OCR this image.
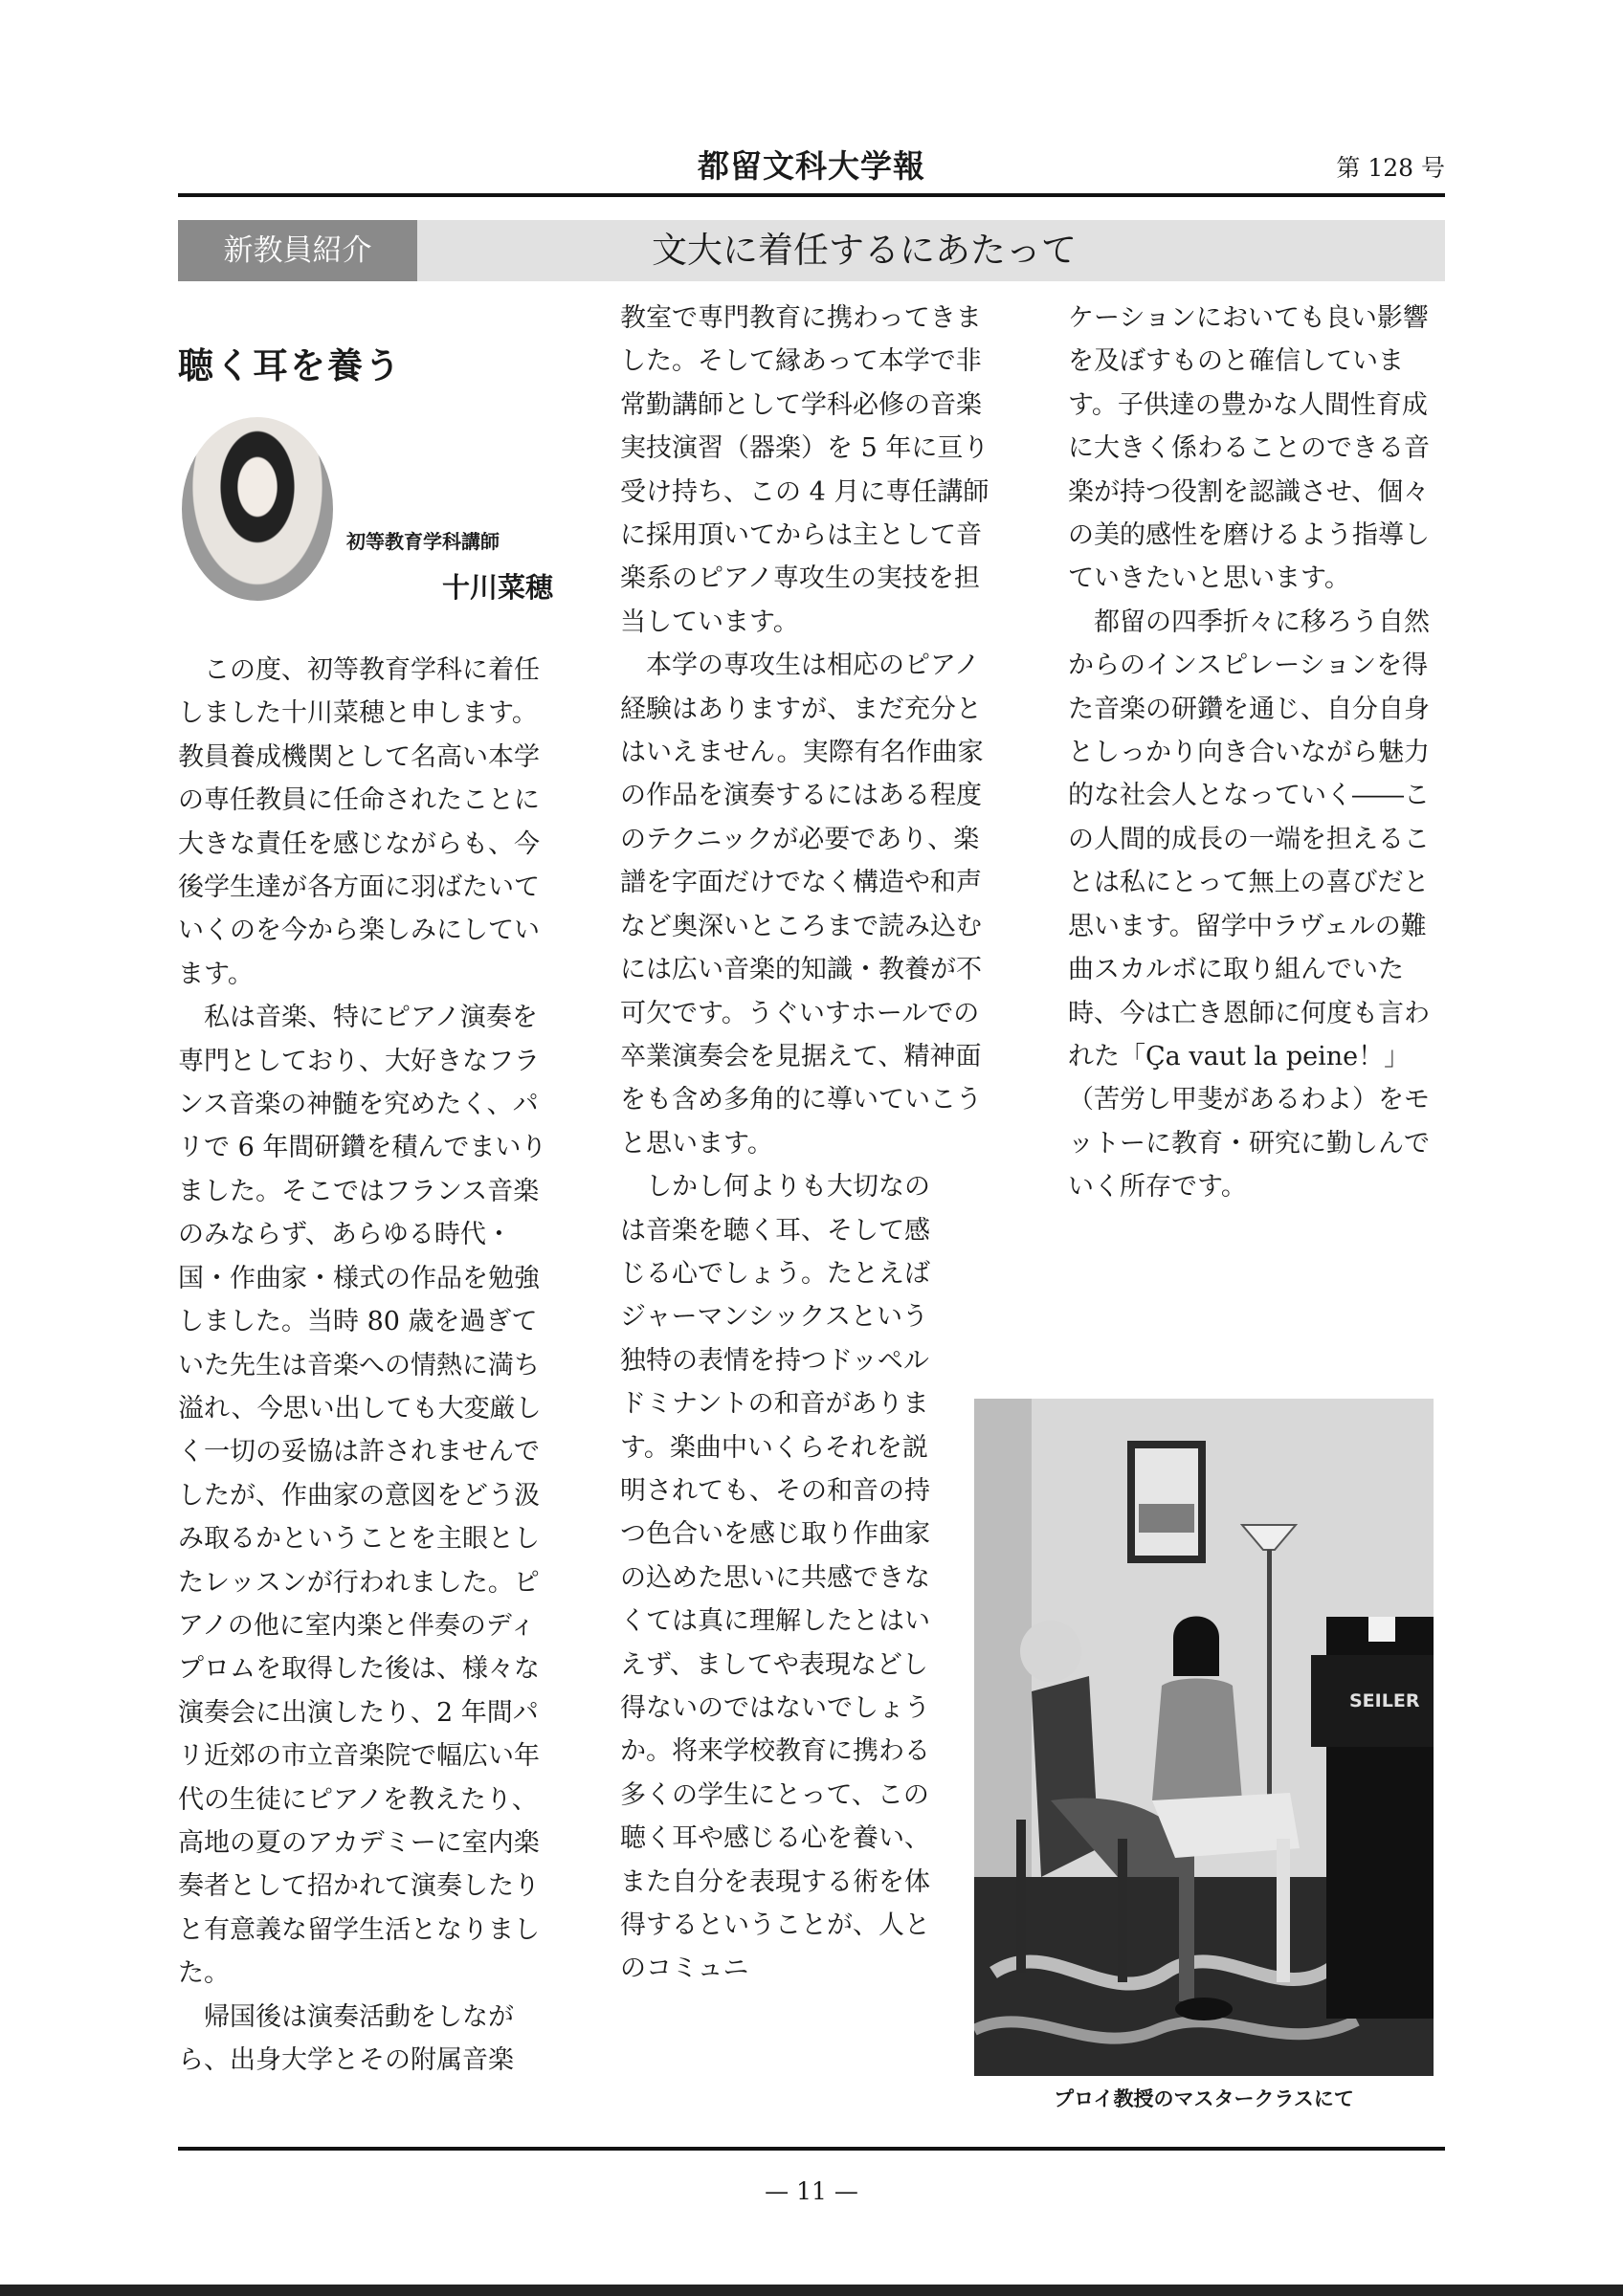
都留文科大学報	第 128 号
新教員紹介	文大に着任するにあたって
聴く耳を養う
初等教育学科講師
十川菜穂

この度、初等教育学科に着任しました十川菜穂と申します。教員養成機関として名高い本学の専任教員に任命されたことに大きな責任を感じながらも、今後学生達が各方面に羽ばたいていくのを今から楽しみにしています。

私は音楽、特にピアノ演奏を専門としており、大好きなフランス音楽の神髄を究めたく、パリで 6 年間研鑽を積んでまいりました。そこではフランス音楽のみならず、あらゆる時代・国・作曲家・様式の作品を勉強しました。当時 80 歳を過ぎていた先生は音楽への情熱に満ち溢れ、今思い出しても大変厳しく一切の妥協は許されませんでしたが、作曲家の意図をどう汲み取るかということを主眼としたレッスンが行われました。ピアノの他に室内楽と伴奏のディプロムを取得した後は、様々な演奏会に出演したり、2 年間パリ近郊の市立音楽院で幅広い年代の生徒にピアノを教えたり、高地の夏のアカデミーに室内楽奏者として招かれて演奏したりと有意義な留学生活となりました。

帰国後は演奏活動をしながら、出身大学とその附属音楽

教室で専門教育に携わってきました。そして縁あって本学で非常勤講師として学科必修の音楽実技演習（器楽）を 5 年に亘り受け持ち、この 4 月に専任講師に採用頂いてからは主として音楽系のピアノ専攻生の実技を担当しています。

本学の専攻生は相応のピアノ経験はありますが、まだ充分とはいえません。実際有名作曲家の作品を演奏するにはある程度のテクニックが必要であり、楽譜を字面だけでなく構造や和声など奥深いところまで読み込むには広い音楽的知識・教養が不可欠です。うぐいすホールでの卒業演奏会を見据えて、精神面をも含め多角的に導いていこうと思います。

しかし何よりも大切なのは音楽を聴く耳、そして感じる心でしょう。たとえばジャーマンシックスという独特の表情を持つドッペルドミナントの和音があります。楽曲中いくらそれを説明されても、その和音の持つ色合いを感じ取り作曲家の込めた思いに共感できなくては真に理解したとはいえず、ましてや表現などし得ないのではないでしょうか。将来学校教育に携わる多くの学生にとって、この聴く耳や感じる心を養い、また自分を表現する術を体得するということが、人とのコミュニ

ケーションにおいても良い影響を及ぼすものと確信しています。子供達の豊かな人間性育成に大きく係わることのできる音楽が持つ役割を認識させ、個々の美的感性を磨けるよう指導していきたいと思います。

都留の四季折々に移ろう自然からのインスピレーションを得た音楽の研鑽を通じ、自分自身としっかり向き合いながら魅力的な社会人となっていく――この人間的成長の一端を担えることは私にとって無上の喜びだと思います。留学中ラヴェルの難曲スカルボに取り組んでいた時、今は亡き恩師に何度も言われた「Ça vaut la peine！」（苦労し甲斐があるわよ）をモットーに教育・研究に勤しんでいく所存です。

SEILER
プロイ教授のマスタークラスにて
— 11 —
